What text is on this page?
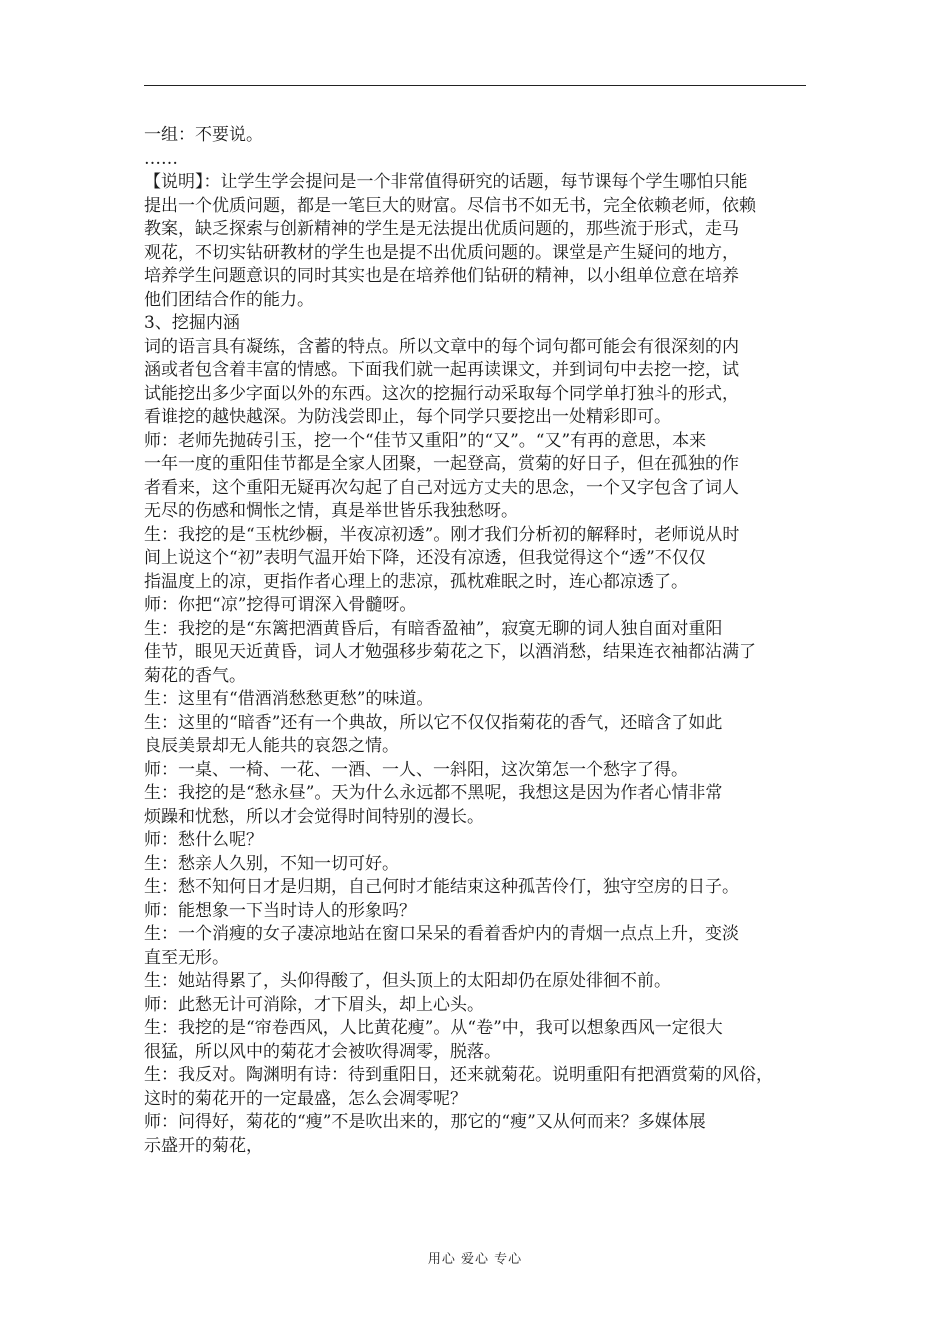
一组：不要说。

……

【说明】：让学生学会提问是一个非常值得研究的话题，每节课每个学生哪怕只能
提出一个优质问题，都是一笔巨大的财富。尽信书不如无书，完全依赖老师，依赖
教案，缺乏探索与创新精神的学生是无法提出优质问题的，那些流于形式，走马
观花，不切实钻研教材的学生也是提不出优质问题的。课堂是产生疑问的地方，
培养学生问题意识的同时其实也是在培养他们钻研的精神，以小组单位意在培养
他们团结合作的能力。

3、挖掘内涵

词的语言具有凝练，含蓄的特点。所以文章中的每个词句都可能会有很深刻的内
涵或者包含着丰富的情感。下面我们就一起再读课文，并到词句中去挖一挖，试
试能挖出多少字面以外的东西。这次的挖掘行动采取每个同学单打独斗的形式，
看谁挖的越快越深。为防浅尝即止，每个同学只要挖出一处精彩即可。

师：老师先抛砖引玉，挖一个“佳节又重阳”的“又”。“又”有再的意思，本来
一年一度的重阳佳节都是全家人团聚，一起登高，赏菊的好日子，但在孤独的作
者看来，这个重阳无疑再次勾起了自己对远方丈夫的思念，一个又字包含了词人
无尽的伤感和惆怅之情，真是举世皆乐我独愁呀。

生：我挖的是“玉枕纱橱，半夜凉初透”。刚才我们分析初的解释时，老师说从时
间上说这个“初”表明气温开始下降，还没有凉透，但我觉得这个“透”不仅仅
指温度上的凉，更指作者心理上的悲凉，孤枕难眠之时，连心都凉透了。

师：你把“凉”挖得可谓深入骨髓呀。

生：我挖的是“东篱把酒黄昏后，有暗香盈袖”，寂寞无聊的词人独自面对重阳
佳节，眼见天近黄昏，词人才勉强移步菊花之下，以酒消愁，结果连衣袖都沾满了
菊花的香气。

生：这里有“借酒消愁愁更愁”的味道。

生：这里的“暗香”还有一个典故，所以它不仅仅指菊花的香气，还暗含了如此
良辰美景却无人能共的哀怨之情。

师：一桌、一椅、一花、一酒、一人、一斜阳，这次第怎一个愁字了得。

生：我挖的是“愁永昼”。天为什么永远都不黑呢，我想这是因为作者心情非常
烦躁和忧愁，所以才会觉得时间特别的漫长。

师：愁什么呢？

生：愁亲人久别，不知一切可好。

生：愁不知何日才是归期，自己何时才能结束这种孤苦伶仃，独守空房的日子。

师：能想象一下当时诗人的形象吗？

生：一个消瘦的女子凄凉地站在窗口呆呆的看着香炉内的青烟一点点上升，变淡
直至无形。

生：她站得累了，头仰得酸了，但头顶上的太阳却仍在原处徘徊不前。

师：此愁无计可消除，才下眉头，却上心头。

生：我挖的是“帘卷西风，人比黄花瘦”。从“卷”中，我可以想象西风一定很大
很猛，所以风中的菊花才会被吹得凋零，脱落。

生：我反对。陶渊明有诗：待到重阳日，还来就菊花。说明重阳有把酒赏菊的风俗，
这时的菊花开的一定最盛，怎么会凋零呢？

师：问得好，菊花的“瘦”不是吹出来的，那它的“瘦”又从何而来？多媒体展
示盛开的菊花，

用心 爱心 专心
